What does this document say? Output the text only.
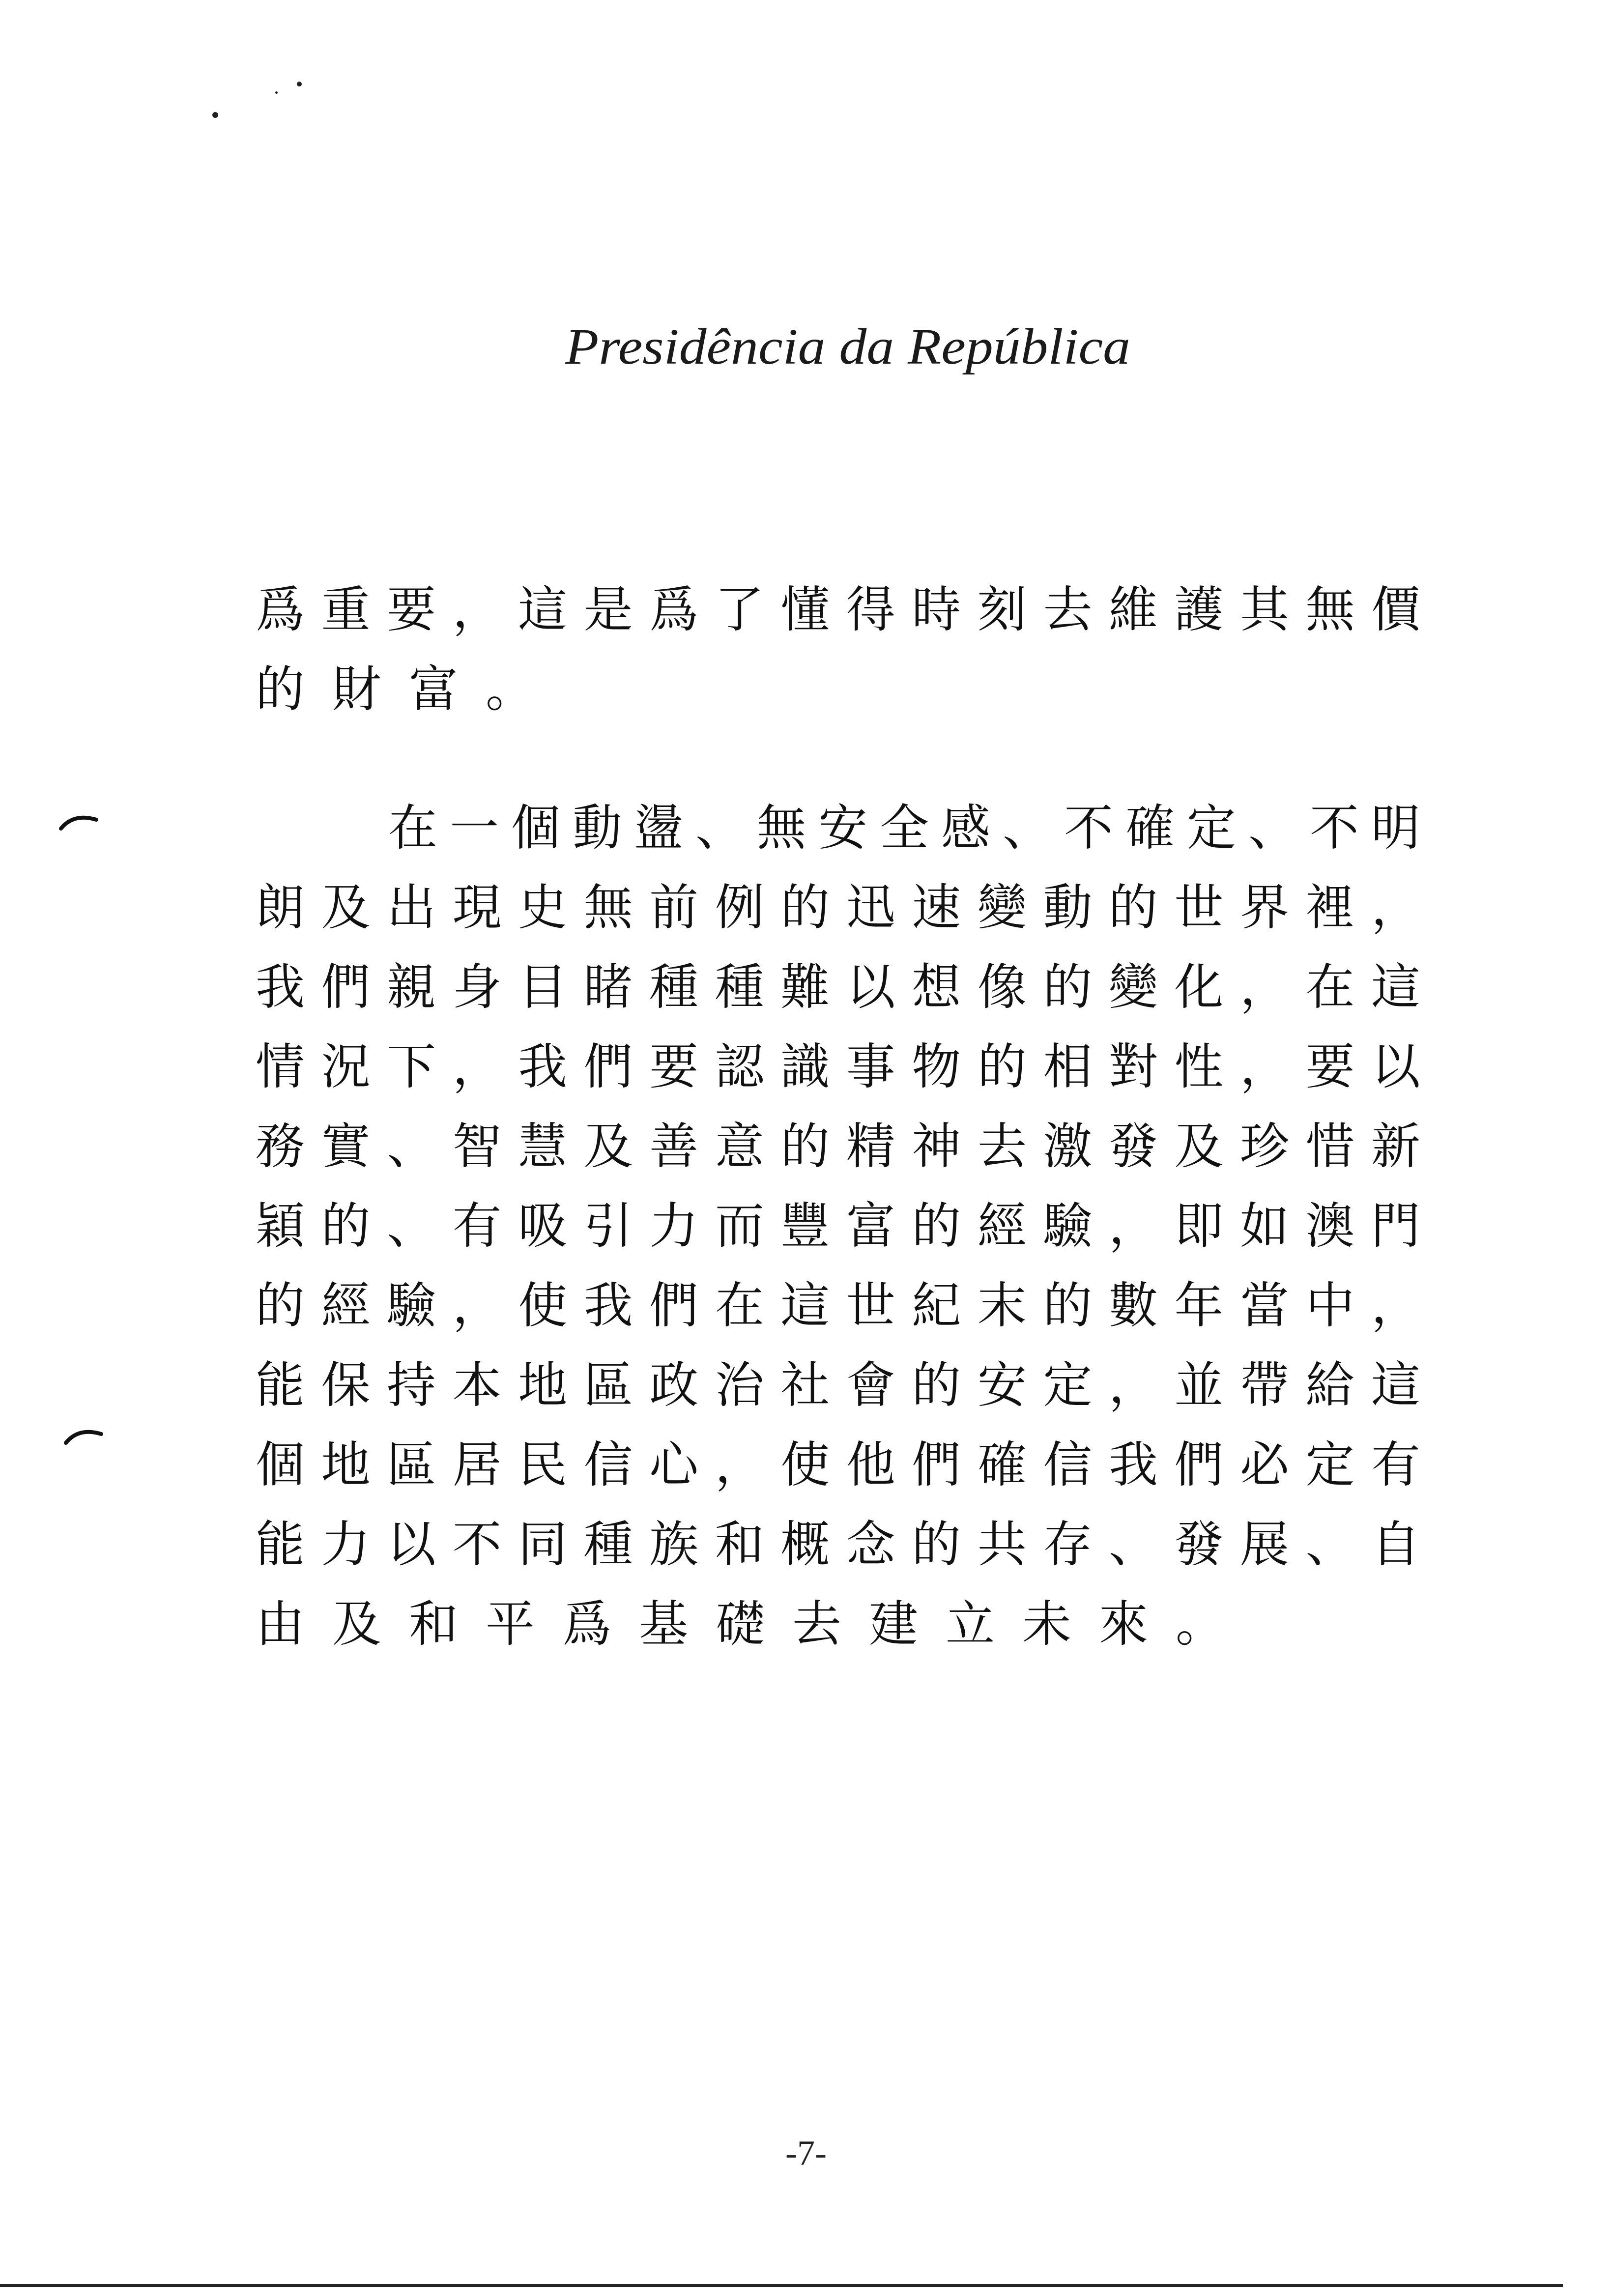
Presidência da República
爲重要，這是爲了懂得時刻去維護其無價
的財富。
在一個動盪、無安全感、不確定、不明
朗及出現史無前例的迅速變動的世界裡，
我們親身目睹種種難以想像的變化，在這
情況下，我們要認識事物的相對性，要以
務實、智慧及善意的精神去激發及珍惜新
穎的、有吸引力而豐富的經驗，即如澳門
的經驗，使我們在這世紀末的數年當中，
能保持本地區政治社會的安定，並帶給這
個地區居民信心，使他們確信我們必定有
能力以不同種族和概念的共存、發展、自
由及和平爲基礎去建立未來。
-7-
